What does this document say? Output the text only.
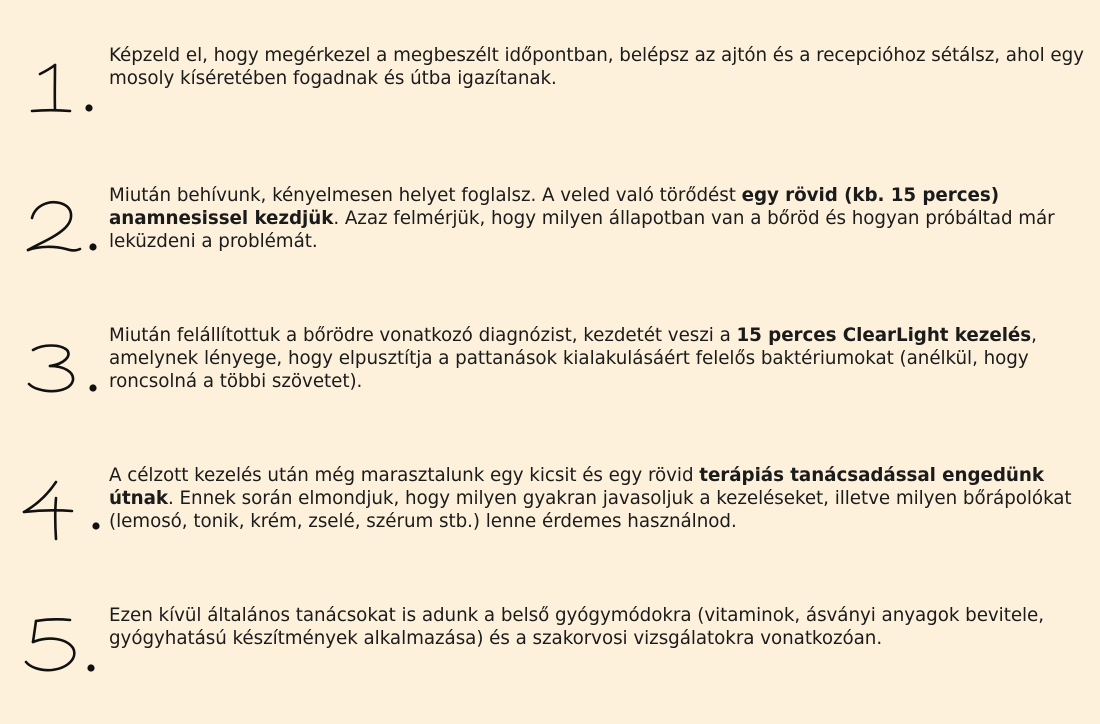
Képzeld el, hogy megérkezel a megbeszélt időpontban, belépsz az ajtón és a recepcióhoz sétálsz, ahol egy mosoly kíséretében fogadnak és útba igazítanak.

Miután behívunk, kényelmesen helyet foglalsz. A veled való törődést egy rövid (kb. 15 perces) anamnesissel kezdjük. Azaz felmérjük, hogy milyen állapotban van a bőröd és hogyan próbáltad már leküzdeni a problémát.

Miután felállítottuk a bőrödre vonatkozó diagnózist, kezdetét veszi a 15 perces ClearLight kezelés, amelynek lényege, hogy elpusztítja a pattanások kialakulásáért felelős baktériumokat (anélkül, hogy roncsolná a többi szövetet).

A célzott kezelés után még marasztalunk egy kicsit és egy rövid terápiás tanácsadással engedünk útnak. Ennek során elmondjuk, hogy milyen gyakran javasoljuk a kezeléseket, illetve milyen bőrápolókat (lemosó, tonik, krém, zselé, szérum stb.) lenne érdemes használnod.

Ezen kívül általános tanácsokat is adunk a belső gyógymódokra (vitaminok, ásványi anyagok bevitele, gyógyhatású készítmények alkalmazása) és a szakorvosi vizsgálatokra vonatkozóan.
